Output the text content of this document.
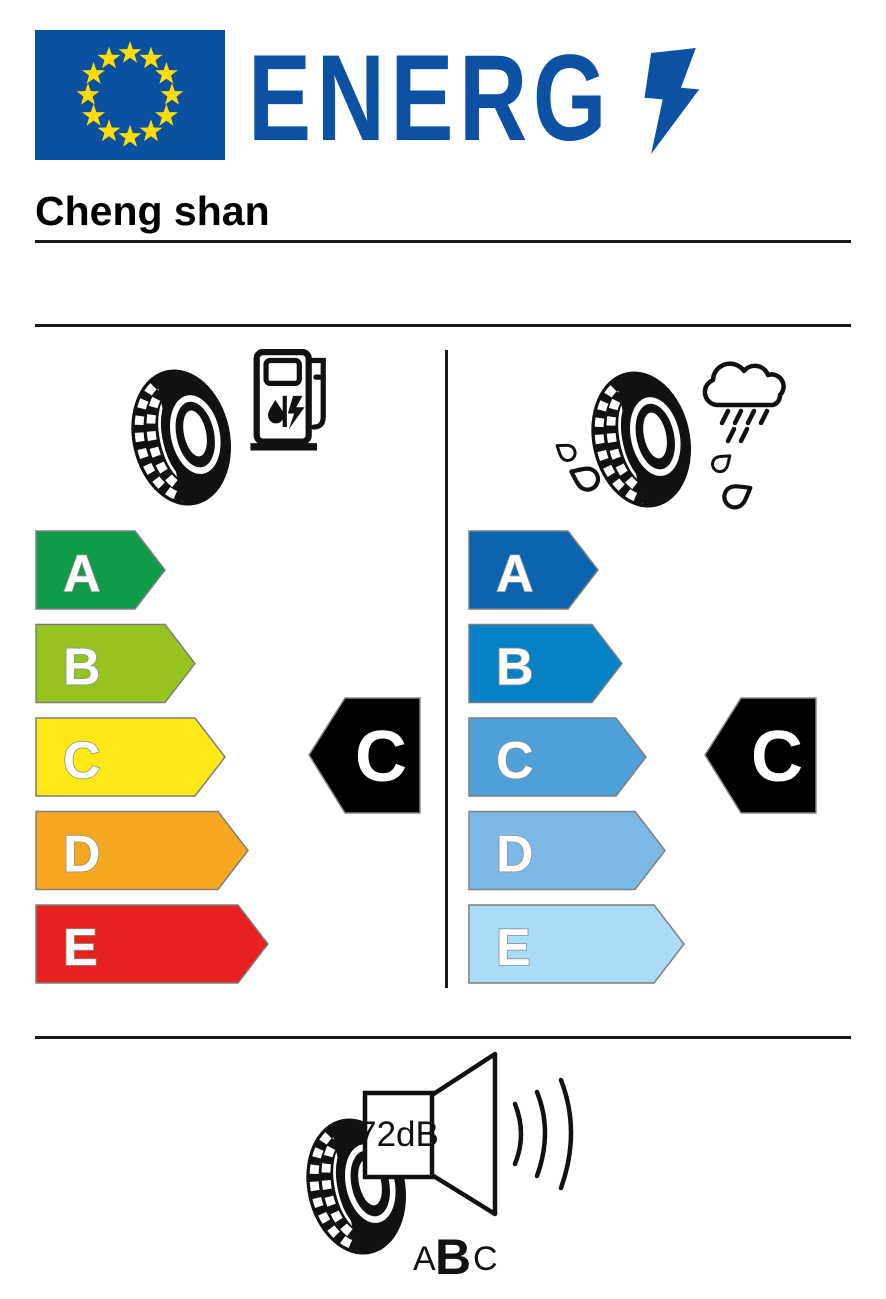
ENERG
Cheng shan
A
B
C
D
E
A
B
C
D
E
C	C
72dB
A B C
